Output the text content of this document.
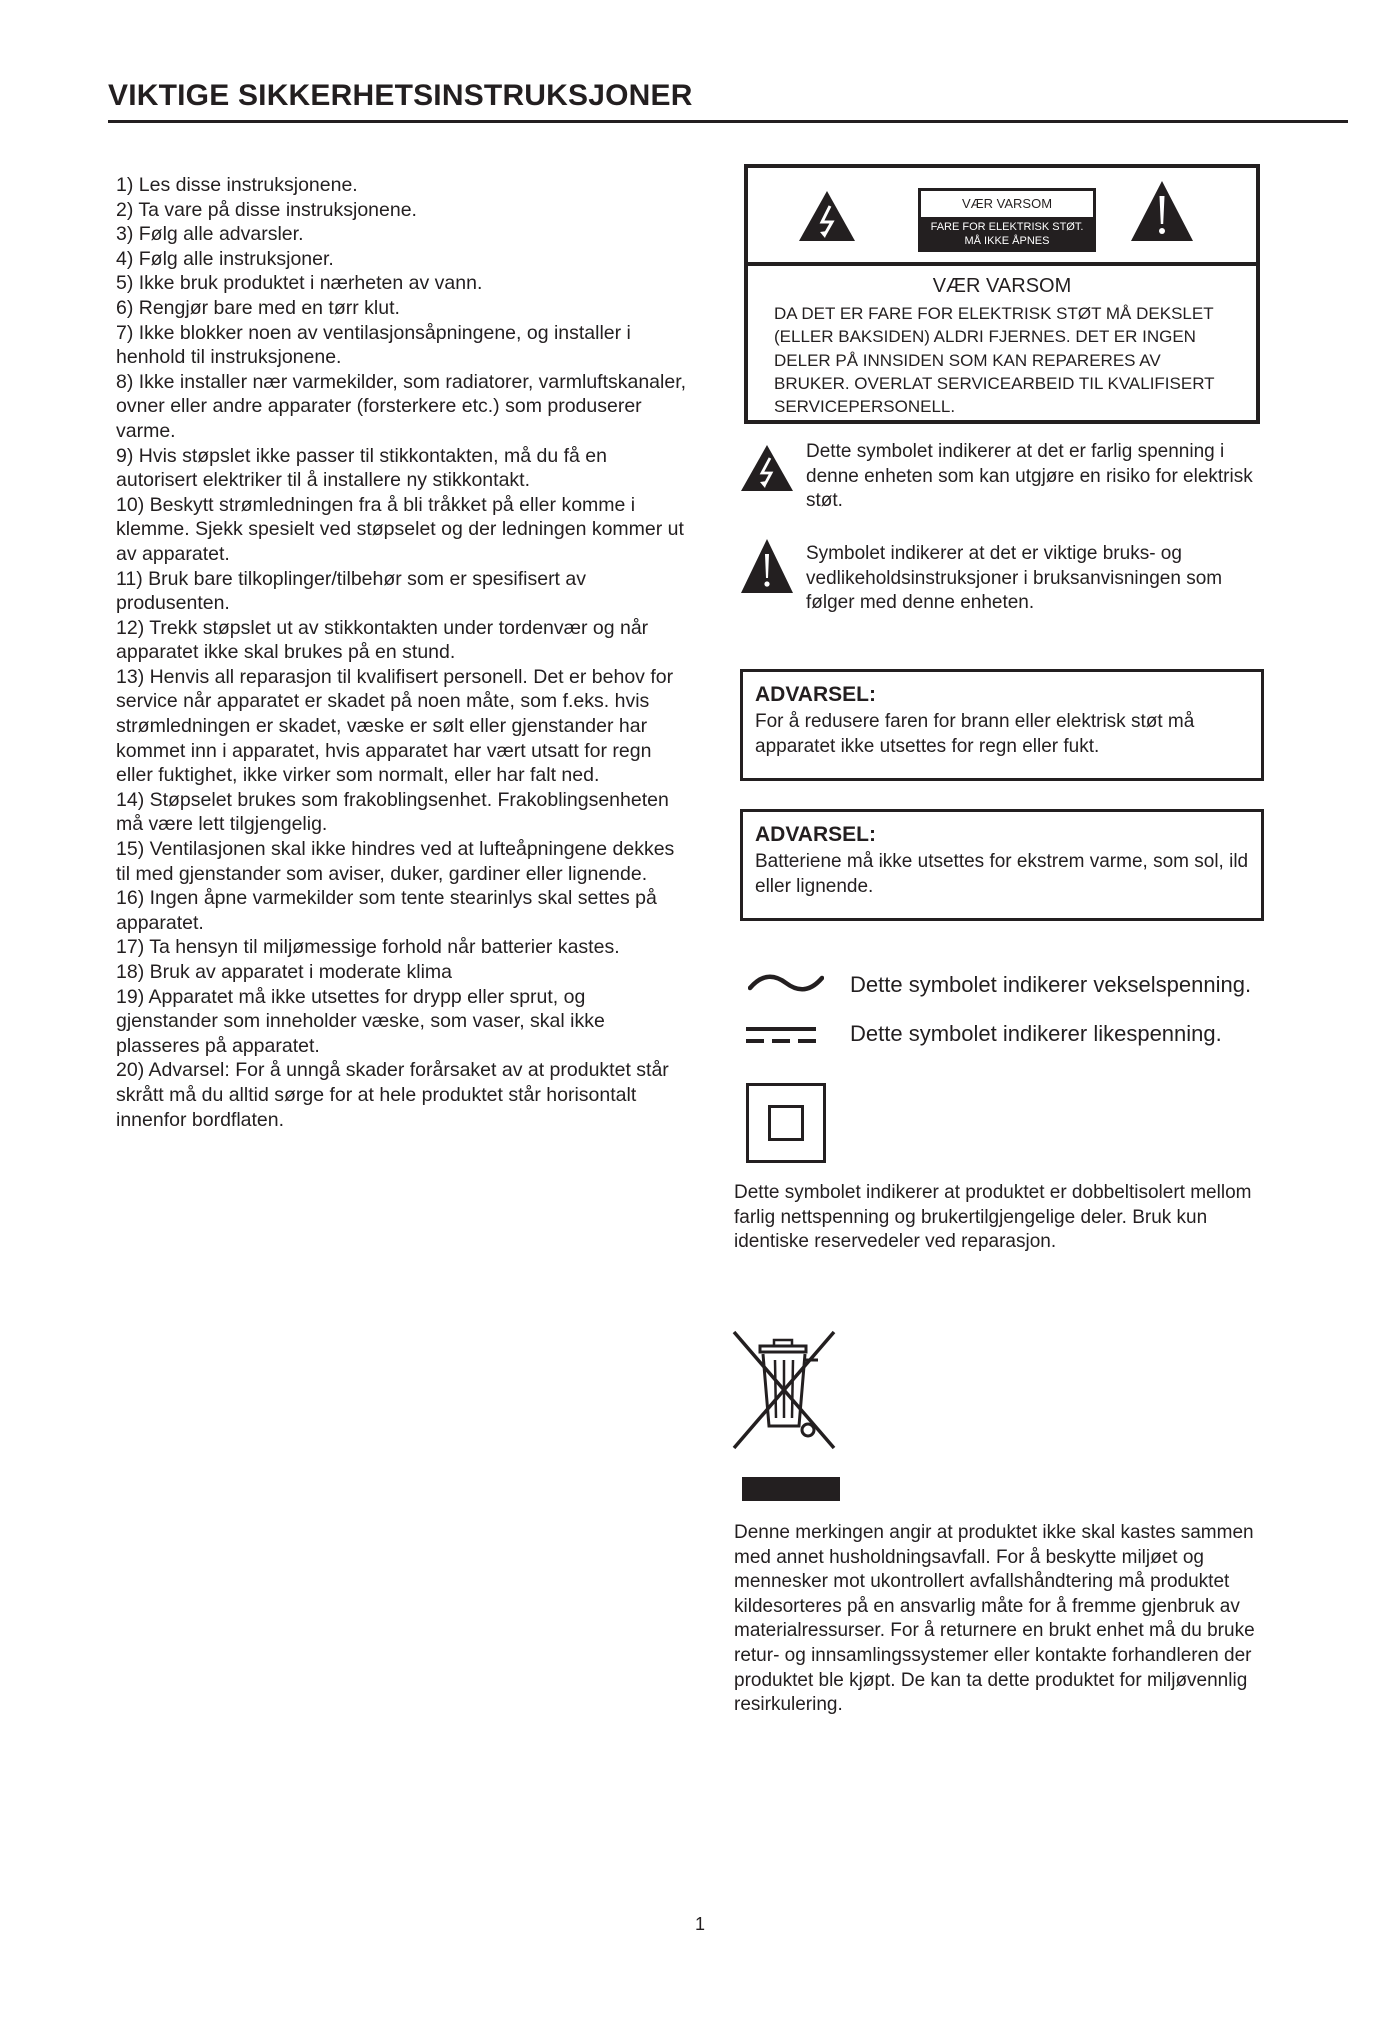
VIKTIGE SIKKERHETSINSTRUKSJONER
1) Les disse instruksjonene.
2) Ta vare på disse instruksjonene.
3) Følg alle advarsler.
4) Følg alle instruksjoner.
5) Ikke bruk produktet i nærheten av vann.
6) Rengjør bare med en tørr klut.
7) Ikke blokker noen av ventilasjonsåpningene, og installer i henhold til instruksjonene.
8) Ikke installer nær varmekilder, som radiatorer, varmluftskanaler, ovner eller andre apparater (forsterkere etc.) som produserer varme.
9) Hvis støpslet ikke passer til stikkontakten, må du få en autorisert elektriker til å installere ny stikkontakt.
10) Beskytt strømledningen fra å bli tråkket på eller komme i klemme. Sjekk spesielt ved støpselet og der ledningen kommer ut av apparatet.
11) Bruk bare tilkoplinger/tilbehør som er spesifisert av produsenten.
12) Trekk støpslet ut av stikkontakten under tordenvær og når apparatet ikke skal brukes på en stund.
13) Henvis all reparasjon til kvalifisert personell. Det er behov for service når apparatet er skadet på noen måte, som f.eks. hvis strømledningen er skadet, væske er sølt eller gjenstander har kommet inn i apparatet, hvis apparatet har vært utsatt for regn eller fuktighet, ikke virker som normalt, eller har falt ned.
14) Støpselet brukes som frakoblingsenhet. Frakoblingsenheten må være lett tilgjengelig.
15) Ventilasjonen skal ikke hindres ved at lufteåpningene dekkes til med gjenstander som aviser, duker, gardiner eller lignende.
16) Ingen åpne varmekilder som tente stearinlys skal settes på apparatet.
17) Ta hensyn til miljømessige forhold når batterier kastes.
18) Bruk av apparatet i moderate klima
19) Apparatet må ikke utsettes for drypp eller sprut, og gjenstander som inneholder væske, som vaser, skal ikke plasseres på apparatet.
20) Advarsel: For å unngå skader forårsaket av at produktet står skrått må du alltid sørge for at hele produktet står horisontalt innenfor bordflaten.
VÆR VARSOM
FARE FOR ELEKTRISK STØT.
MÅ IKKE ÅPNES
VÆR VARSOM
DA DET ER FARE FOR ELEKTRISK STØT MÅ DEKSLET (ELLER BAKSIDEN) ALDRI FJERNES. DET ER INGEN DELER PÅ INNSIDEN SOM KAN REPARERES AV BRUKER. OVERLAT SERVICEARBEID TIL KVALIFISERT SERVICEPERSONELL.
Dette symbolet indikerer at det er farlig spenning i denne enheten som kan utgjøre en risiko for elektrisk støt.
Symbolet indikerer at det er viktige bruks- og vedlikeholdsinstruksjoner i bruksanvisningen som følger med denne enheten.
ADVARSEL:
For å redusere faren for brann eller elektrisk støt må apparatet ikke utsettes for regn eller fukt.
ADVARSEL:
Batteriene må ikke utsettes for ekstrem varme, som sol, ild eller lignende.
Dette symbolet indikerer vekselspenning.
Dette symbolet indikerer likespenning.
Dette symbolet indikerer at produktet er dobbeltisolert mellom farlig nettspenning og brukertilgjengelige deler. Bruk kun identiske reservedeler ved reparasjon.
Denne merkingen angir at produktet ikke skal kastes sammen med annet husholdningsavfall. For å beskytte miljøet og mennesker mot ukontrollert avfallshåndtering må produktet kildesorteres på en ansvarlig måte for å fremme gjenbruk av materialressurser. For å returnere en brukt enhet må du bruke retur- og innsamlingssystemer eller kontakte forhandleren der produktet ble kjøpt. De kan ta dette produktet for miljøvennlig resirkulering.
1
